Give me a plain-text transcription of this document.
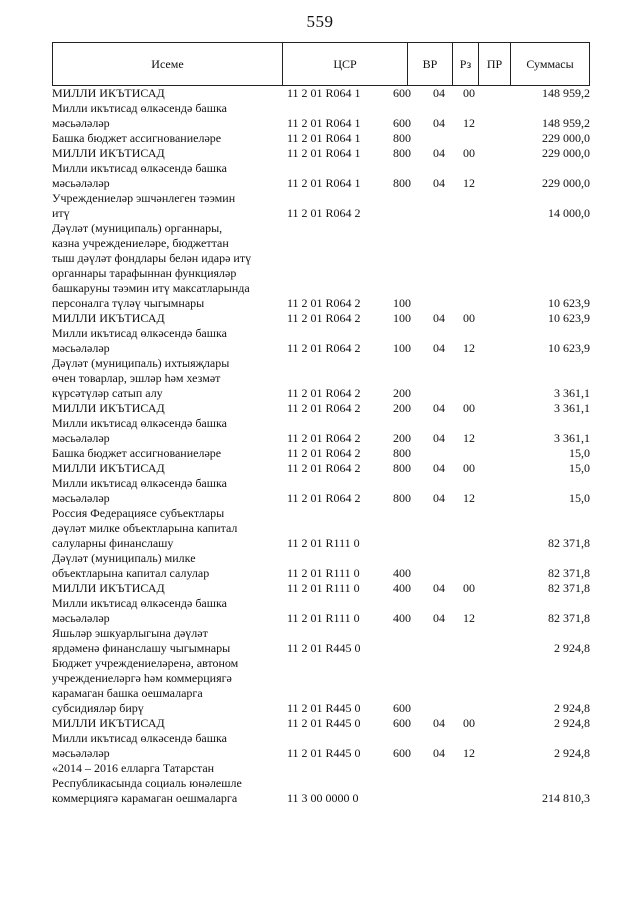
559
Исеме	ЦСР	ВР	Рз	ПР	Суммасы
МИЛЛИ ИКЪТИСАД	11 2 01 R064 1	600 04 00	148 959,2
Милли икътисад өлкәсендә башка
мәсьәләләр	11 2 01 R064 1	600 04 12	148 959,2
Башка бюджет ассигнованиеләре	11 2 01 R064 1	800	229 000,0
МИЛЛИ ИКЪТИСАД	11 2 01 R064 1	800 04 00	229 000,0
Милли икътисад өлкәсендә башка
мәсьәләләр	11 2 01 R064 1	800 04 12	229 000,0
Учреждениеләр эшчәнлеген тәэмин
итү	11 2 01 R064 2	14 000,0
Дәүләт (муниципаль) органнары,
казна учреждениеләре, бюджеттан
тыш дәүләт фондлары белән идарә итү
органнары тарафыннан функцияләр
башкаруны тәэмин итү максатларында
персоналга түләү чыгымнары	11 2 01 R064 2	100	10 623,9
МИЛЛИ ИКЪТИСАД	11 2 01 R064 2	100 04 00	10 623,9
Милли икътисад өлкәсендә башка
мәсьәләләр	11 2 01 R064 2	100 04 12	10 623,9
Дәүләт (муниципаль) ихтыяҗлары
өчен товарлар, эшләр һәм хезмәт
күрсәтүләр сатып алу	11 2 01 R064 2	200	3 361,1
МИЛЛИ ИКЪТИСАД	11 2 01 R064 2	200 04 00	3 361,1
Милли икътисад өлкәсендә башка
мәсьәләләр	11 2 01 R064 2	200 04 12	3 361,1
Башка бюджет ассигнованиеләре	11 2 01 R064 2	800	15,0
МИЛЛИ ИКЪТИСАД	11 2 01 R064 2	800 04 00	15,0
Милли икътисад өлкәсендә башка
мәсьәләләр	11 2 01 R064 2	800 04 12	15,0
Россия Федерациясе субъектлары
дәүләт милке объектларына капитал
салуларны финанслашу	11 2 01 R111 0	82 371,8
Дәүләт (муниципаль) милке
объектларына капитал салулар	11 2 01 R111 0	400	82 371,8
МИЛЛИ ИКЪТИСАД	11 2 01 R111 0	400 04 00	82 371,8
Милли икътисад өлкәсендә башка
мәсьәләләр	11 2 01 R111 0	400 04 12	82 371,8
Яшьләр эшкуарлыгына дәүләт
ярдәменә финанслашу чыгымнары	11 2 01 R445 0	2 924,8
Бюджет учреждениеләренә, автоном
учреждениеләргә һәм коммерциягә
карамаган башка оешмаларга
субсидияләр бирү	11 2 01 R445 0	600	2 924,8
МИЛЛИ ИКЪТИСАД	11 2 01 R445 0	600 04 00	2 924,8
Милли икътисад өлкәсендә башка
мәсьәләләр	11 2 01 R445 0	600 04 12	2 924,8
«2014 – 2016 елларга Татарстан
Республикасында социаль юнәлешле
коммерциягә карамаган оешмаларга	11 3 00 0000 0	214 810,3
